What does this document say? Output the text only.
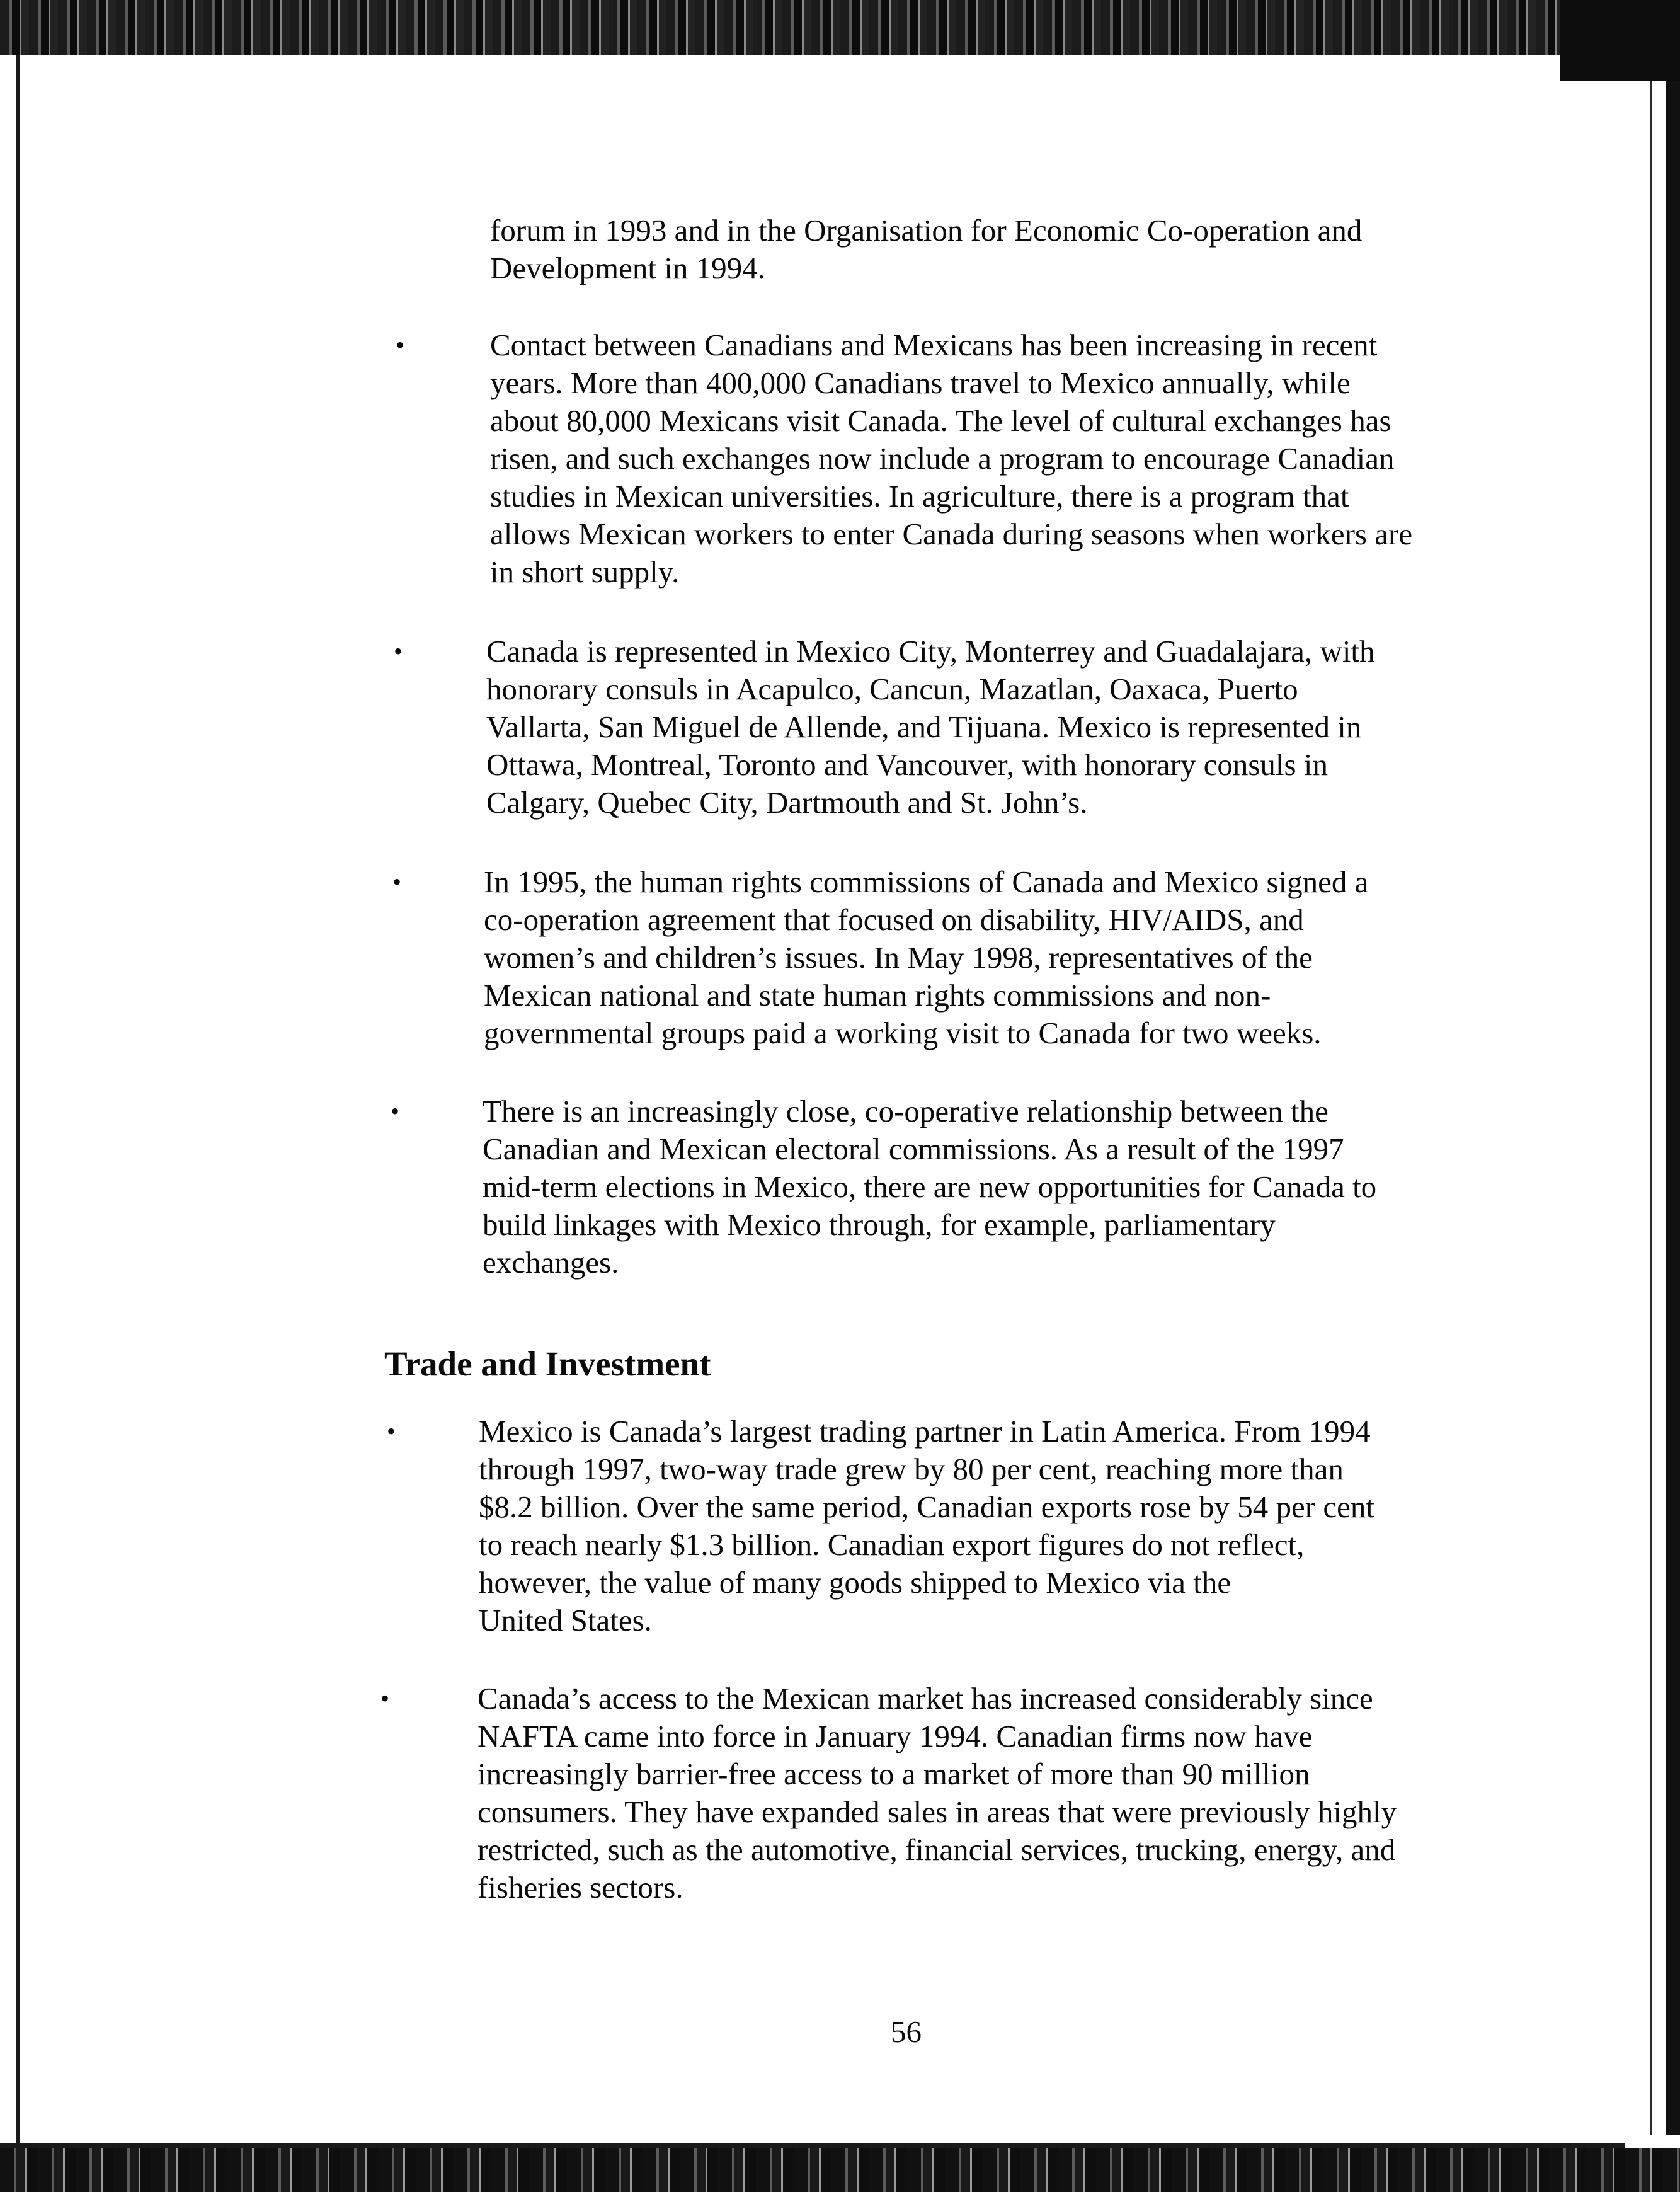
forum in 1993 and in the Organisation for Economic Co-operation and
Development in 1994.
•	Contact between Canadians and Mexicans has been increasing in recent
years. More than 400,000 Canadians travel to Mexico annually, while
about 80,000 Mexicans visit Canada. The level of cultural exchanges has
risen, and such exchanges now include a program to encourage Canadian
studies in Mexican universities. In agriculture, there is a program that
allows Mexican workers to enter Canada during seasons when workers are
in short supply.
•	Canada is represented in Mexico City, Monterrey and Guadalajara, with
honorary consuls in Acapulco, Cancun, Mazatlan, Oaxaca, Puerto
Vallarta, San Miguel de Allende, and Tijuana. Mexico is represented in
Ottawa, Montreal, Toronto and Vancouver, with honorary consuls in
Calgary, Quebec City, Dartmouth and St. John’s.
•	In 1995, the human rights commissions of Canada and Mexico signed a
co-operation agreement that focused on disability, HIV/AIDS, and
women’s and children’s issues. In May 1998, representatives of the
Mexican national and state human rights commissions and non-
governmental groups paid a working visit to Canada for two weeks.
•	There is an increasingly close, co-operative relationship between the
Canadian and Mexican electoral commissions. As a result of the 1997
mid-term elections in Mexico, there are new opportunities for Canada to
build linkages with Mexico through, for example, parliamentary
exchanges.
Trade and Investment
•	Mexico is Canada’s largest trading partner in Latin America. From 1994
through 1997, two-way trade grew by 80 per cent, reaching more than
$8.2 billion. Over the same period, Canadian exports rose by 54 per cent
to reach nearly $1.3 billion. Canadian export figures do not reflect,
however, the value of many goods shipped to Mexico via the
United States.
•	Canada’s access to the Mexican market has increased considerably since
NAFTA came into force in January 1994. Canadian firms now have
increasingly barrier-free access to a market of more than 90 million
consumers. They have expanded sales in areas that were previously highly
restricted, such as the automotive, financial services, trucking, energy, and
fisheries sectors.
56
